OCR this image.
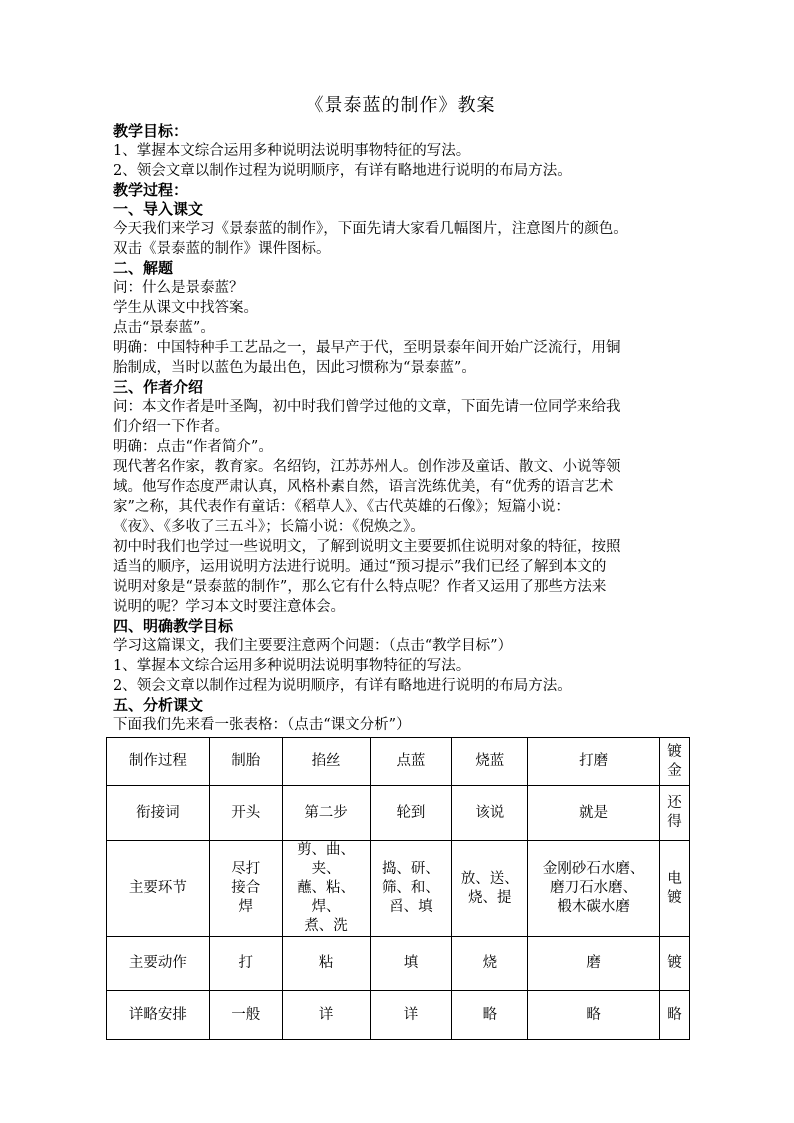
《景泰蓝的制作》教案
教学目标：
1、掌握本文综合运用多种说明法说明事物特征的写法。
2、领会文章以制作过程为说明顺序，有详有略地进行说明的布局方法。
教学过程：
一、导入课文
今天我们来学习《景泰蓝的制作》，下面先请大家看几幅图片，注意图片的颜色。
双击《景泰蓝的制作》课件图标。
二、解题
问：什么是景泰蓝？
学生从课文中找答案。
点击“景泰蓝”。
明确：中国特种手工艺品之一，最早产于代，至明景泰年间开始广泛流行，用铜
胎制成，当时以蓝色为最出色，因此习惯称为“景泰蓝”。
三、作者介绍
问：本文作者是叶圣陶，初中时我们曾学过他的文章，下面先请一位同学来给我
们介绍一下作者。
明确：点击“作者简介”。
现代著名作家，教育家。名绍钧，江苏苏州人。创作涉及童话、散文、小说等领
域。他写作态度严肃认真，风格朴素自然，语言洗练优美，有“优秀的语言艺术
家”之称，其代表作有童话：《稻草人》、《古代英雄的石像》；短篇小说：
《夜》、《多收了三五斗》；长篇小说：《倪焕之》。
初中时我们也学过一些说明文，了解到说明文主要要抓住说明对象的特征，按照
适当的顺序，运用说明方法进行说明。通过“预习提示”我们已经了解到本文的
说明对象是“景泰蓝的制作”，那么它有什么特点呢？作者又运用了那些方法来
说明的呢？学习本文时要注意体会。
四、明确教学目标
学习这篇课文，我们主要要注意两个问题：（点击“教学目标”）
1、掌握本文综合运用多种说明法说明事物特征的写法。
2、领会文章以制作过程为说明顺序，有详有略地进行说明的布局方法。
五、分析课文
下面我们先来看一张表格：（点击“课文分析”）
制作过程	制胎	掐丝	点蓝	烧蓝	打磨	镀金
衔接词	开头	第二步	轮到	该说	就是	还得
主要环节	尽打
接合
焊	剪、曲、夹、
蘸、粘、焊、
煮、洗	捣、研、
筛、和、
舀、填	放、送、
烧、提	金刚砂石水磨、
磨刀石水磨、
椴木碳水磨	电镀
主要动作	打	粘	填	烧	磨	镀
详略安排	一般	详	详	略	略	略
